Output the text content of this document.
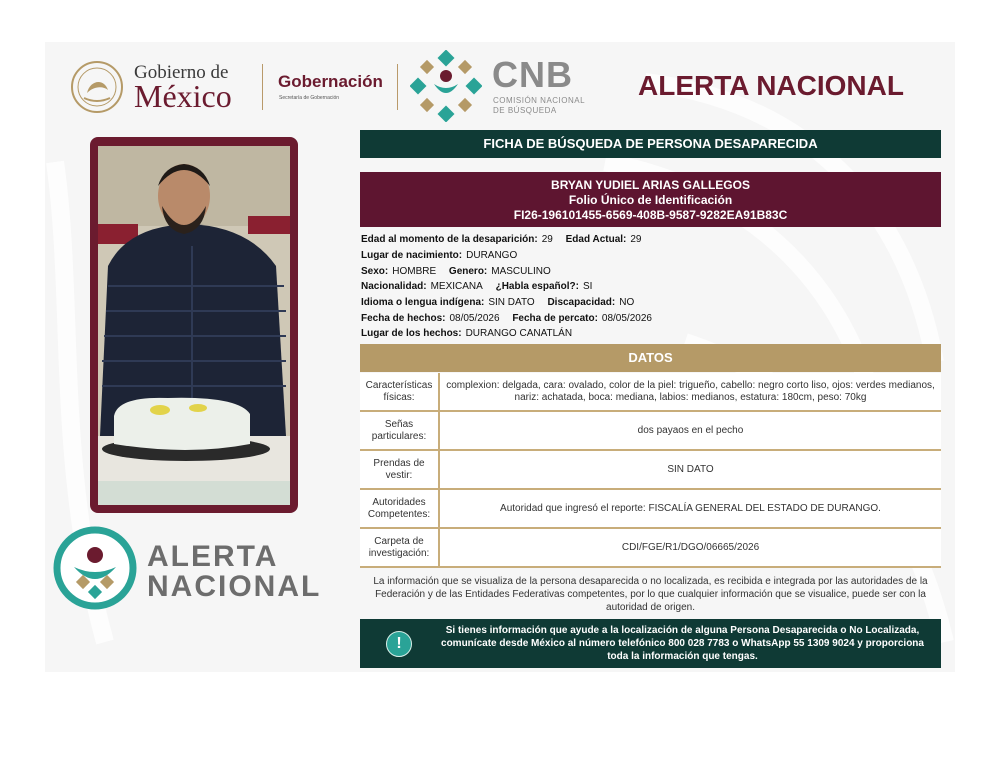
Gobierno de
México	Gobernación
Secretaría de Gobernación
CNB
COMISIÓN NACIONAL
DE BÚSQUEDA
ALERTA NACIONAL
ALERTA
NACIONAL
FICHA DE BÚSQUEDA DE PERSONA DESAPARECIDA
BRYAN YUDIEL ARIAS GALLEGOS
Folio Único de Identificación
FI26-196101455-6569-408B-9587-9282EA91B83C
Edad al momento de la desaparición: 29 Edad Actual: 29
Lugar de nacimiento: DURANGO
Sexo: HOMBRE Genero: MASCULINO
Nacionalidad: MEXICANA ¿Habla español?: SI
Idioma o lengua indígena: SIN DATO Discapacidad: NO
Fecha de hechos: 08/05/2026 Fecha de percato: 08/05/2026
Lugar de los hechos: DURANGO CANATLÁN
DATOS
Características físicas:
complexion: delgada, cara: ovalado, color de la piel: trigueño, cabello: negro corto liso, ojos: verdes medianos, nariz: achatada, boca: mediana, labios: medianos, estatura: 180cm, peso: 70kg
Señas particulares:
dos payaos en el pecho
Prendas de vestir:
SIN DATO
Autoridades Competentes:
Autoridad que ingresó el reporte: FISCALÍA GENERAL DEL ESTADO DE DURANGO.
Carpeta de investigación:
CDI/FGE/R1/DGO/06665/2026
La información que se visualiza de la persona desaparecida o no localizada, es recibida e integrada por las autoridades de la Federación y de las Entidades Federativas competentes, por lo que cualquier información que se visualice, puede ser con la autoridad de origen.
!
Si tienes información que ayude a la localización de alguna Persona Desaparecida o No Localizada, comunícate desde México al número telefónico 800 028 7783 o WhatsApp 55 1309 9024 y proporciona toda la información que tengas.
